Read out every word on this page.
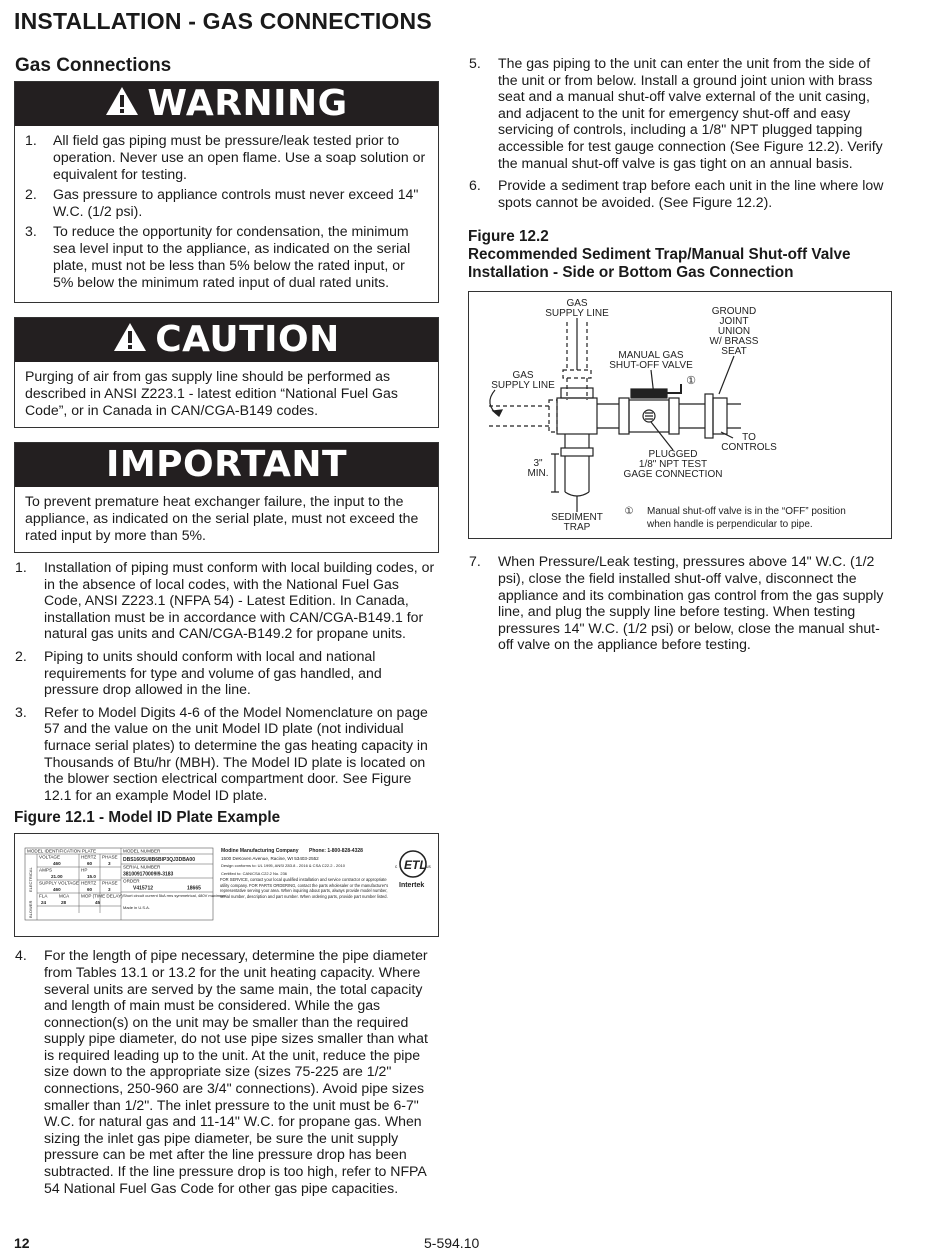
INSTALLATION - GAS CONNECTIONS
Gas Connections
WARNING
1. All field gas piping must be pressure/leak tested prior to operation. Never use an open flame. Use a soap solution or equivalent for testing.
2. Gas pressure to appliance controls must never exceed 14" W.C. (1/2 psi).
3. To reduce the opportunity for condensation, the minimum sea level input to the appliance, as indicated on the serial plate, must not be less than 5% below the rated input, or 5% below the minimum rated input of dual rated units.
CAUTION
Purging of air from gas supply line should be performed as described in ANSI Z223.1 - latest edition “National Fuel Gas Code”, or in Canada in CAN/CGA-B149 codes.
IMPORTANT
To prevent premature heat exchanger failure, the input to the appliance, as indicated on the serial plate, must not exceed the rated input by more than 5%.
1. Installation of piping must conform with local building codes, or in the absence of local codes, with the National Fuel Gas Code, ANSI Z223.1 (NFPA 54) - Latest Edition. In Canada, installation must be in accordance with CAN/CGA-B149.1 for natural gas units and CAN/CGA-B149.2 for propane units.
2. Piping to units should conform with local and national requirements for type and volume of gas handled, and pressure drop allowed in the line.
3. Refer to Model Digits 4-6 of the Model Nomenclature on page 57 and the value on the unit Model ID plate (not individual furnace serial plates) to determine the gas heating capacity in Thousands of Btu/hr (MBH). The Model ID plate is located on the blower section electrical compartment door. See Figure 12.1 for an example Model ID plate.
Figure 12.1 - Model ID Plate Example
MODEL IDENTIFICATION PLATE	MODEL NUMBER
DBS160SU8B6BIP3QJ3DBA00
SERIAL NUMBER
381009170009l9-3183
ORDER
V415712	18665
Short circuit current 5kA rms symmetrical, 480V maximum.
Made in U.S.A.
VOLTAGE	HERTZ PHASE
460	60	3
AMPS	HP
21.00	15.0
SUPPLY VOLTAGE HERTZ PHASE
460	60	3
FLA	MCA	MOP (TIME DELAY)
24	28	45
ELECTRICAL
BLOWER
Modine Manufacturing Company Phone: 1-800-828-4328
1500 DeKoven Avenue, Racine, WI 53403-2552
Design conforms to: UL 1995, ANSI Z83.8 - 2016 & CSA C22.2 - 2010
Certified to: CAN/CSA C22.2 No. 236
FOR SERVICE, contact your local qualified installation and service contractor or appropriate utility company. FOR PARTS ORDERING, contact the parts wholesaler or the manufacturer's representative serving your area. When inquiring about parts, always provide model number, serial number, description and part number. When ordering parts, provide part number listed.
ETL
c	us
Intertek
4. For the length of pipe necessary, determine the pipe diameter from Tables 13.1 or 13.2 for the unit heating capacity. Where several units are served by the same main, the total capacity and length of main must be considered. While the gas connection(s) on the unit may be smaller than the required supply pipe diameter, do not use pipe sizes smaller than what is required leading up to the unit. At the unit, reduce the pipe size down to the appropriate size (sizes 75-225 are 1/2" connections, 250-960 are 3/4" connections). Avoid pipe sizes smaller than 1/2". The inlet pressure to the unit must be 6-7" W.C. for natural gas and 11-14" W.C. for propane gas. When sizing the inlet gas pipe diameter, be sure the unit supply pressure can be met after the line pressure drop has been subtracted. If the line pressure drop is too high, refer to NFPA 54 National Fuel Gas Code for other gas pipe capacities.
5. The gas piping to the unit can enter the unit from the side of the unit or from below. Install a ground joint union with brass seat and a manual shut-off valve external of the unit casing, and adjacent to the unit for emergency shut-off and easy servicing of controls, including a 1/8" NPT plugged tapping accessible for test gauge connection (See Figure 12.2). Verify the manual shut-off valve is gas tight on an annual basis.
6. Provide a sediment trap before each unit in the line where low spots cannot be avoided. (See Figure 12.2).
Figure 12.2
Recommended Sediment Trap/Manual Shut-off Valve Installation - Side or Bottom Gas Connection
GAS
SUPPLY LINE	GROUND
JOINT
UNION
W/ BRASS
SEAT
MANUAL GAS
SHUT-OFF VALVE
GAS
SUPPLY LINE
TO
CONTROLS
PLUGGED
1/8" NPT TEST
GAGE CONNECTION
3"
MIN.
SEDIMENT
TRAP
①
① Manual shut-off valve is in the “OFF” position
when handle is perpendicular to pipe.
7. When Pressure/Leak testing, pressures above 14" W.C. (1/2 psi), close the field installed shut-off valve, disconnect the appliance and its combination gas control from the gas supply line, and plug the supply line before testing. When testing pressures 14" W.C. (1/2 psi) or below, close the manual shut-off valve on the appliance before testing.
12	5-594.10
